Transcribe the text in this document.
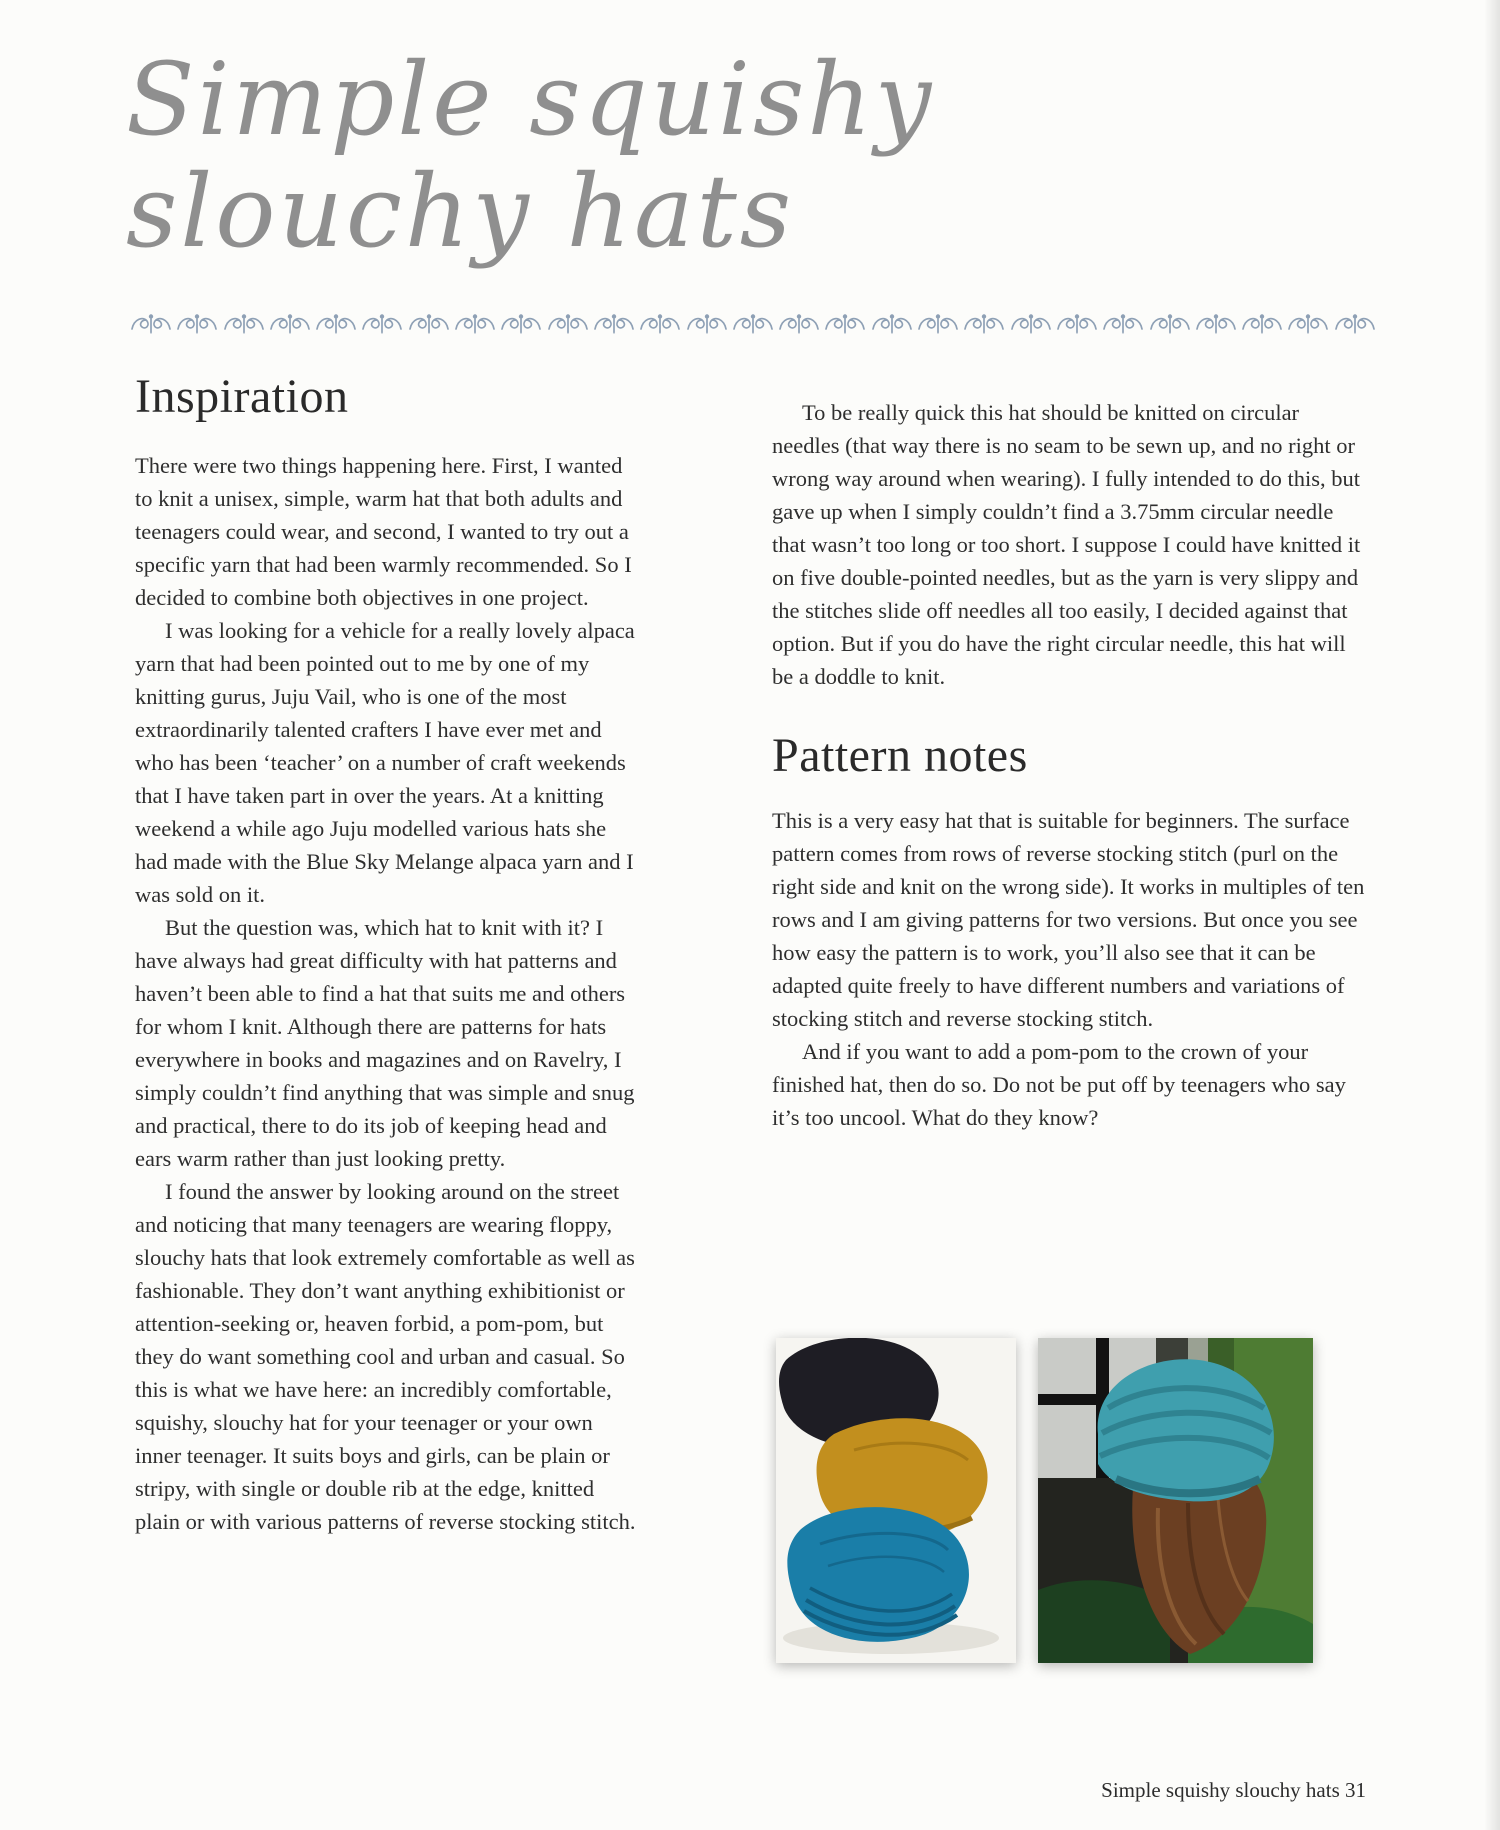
Simple squishy
slouchy hats
Inspiration

There were two things happening here. First, I wanted to knit a unisex, simple, warm hat that both adults and teenagers could wear, and second, I wanted to try out a specific yarn that had been warmly recommended. So I decided to combine both objectives in one project.

I was looking for a vehicle for a really lovely alpaca yarn that had been pointed out to me by one of my knitting gurus, Juju Vail, who is one of the most extraordinarily talented crafters I have ever met and who has been ‘teacher’ on a number of craft weekends that I have taken part in over the years. At a knitting weekend a while ago Juju modelled various hats she had made with the Blue Sky Melange alpaca yarn and I was sold on it.

But the question was, which hat to knit with it? I have always had great difficulty with hat patterns and haven’t been able to find a hat that suits me and others for whom I knit. Although there are patterns for hats everywhere in books and magazines and on Ravelry, I simply couldn’t find anything that was simple and snug and practical, there to do its job of keeping head and ears warm rather than just looking pretty.

I found the answer by looking around on the street and noticing that many teenagers are wearing floppy, slouchy hats that look extremely comfortable as well as fashionable. They don’t want anything exhibitionist or attention-seeking or, heaven forbid, a pom-pom, but they do want something cool and urban and casual. So this is what we have here: an incredibly comfortable, squishy, slouchy hat for your teenager or your own inner teenager. It suits boys and girls, can be plain or stripy, with single or double rib at the edge, knitted plain or with various patterns of reverse stocking stitch.

To be really quick this hat should be knitted on circular needles (that way there is no seam to be sewn up, and no right or wrong way around when wearing). I fully intended to do this, but gave up when I simply couldn’t find a 3.75mm circular needle that wasn’t too long or too short. I suppose I could have knitted it on five double-pointed needles, but as the yarn is very slippy and the stitches slide off needles all too easily, I decided against that option. But if you do have the right circular needle, this hat will be a doddle to knit.

Pattern notes

This is a very easy hat that is suitable for beginners. The surface pattern comes from rows of reverse stocking stitch (purl on the right side and knit on the wrong side). It works in multiples of ten rows and I am giving patterns for two versions. But once you see how easy the pattern is to work, you’ll also see that it can be adapted quite freely to have different numbers and variations of stocking stitch and reverse stocking stitch.

And if you want to add a pom-pom to the crown of your finished hat, then do so. Do not be put off by teenagers who say it’s too uncool. What do they know?

Simple squishy slouchy hats 31
